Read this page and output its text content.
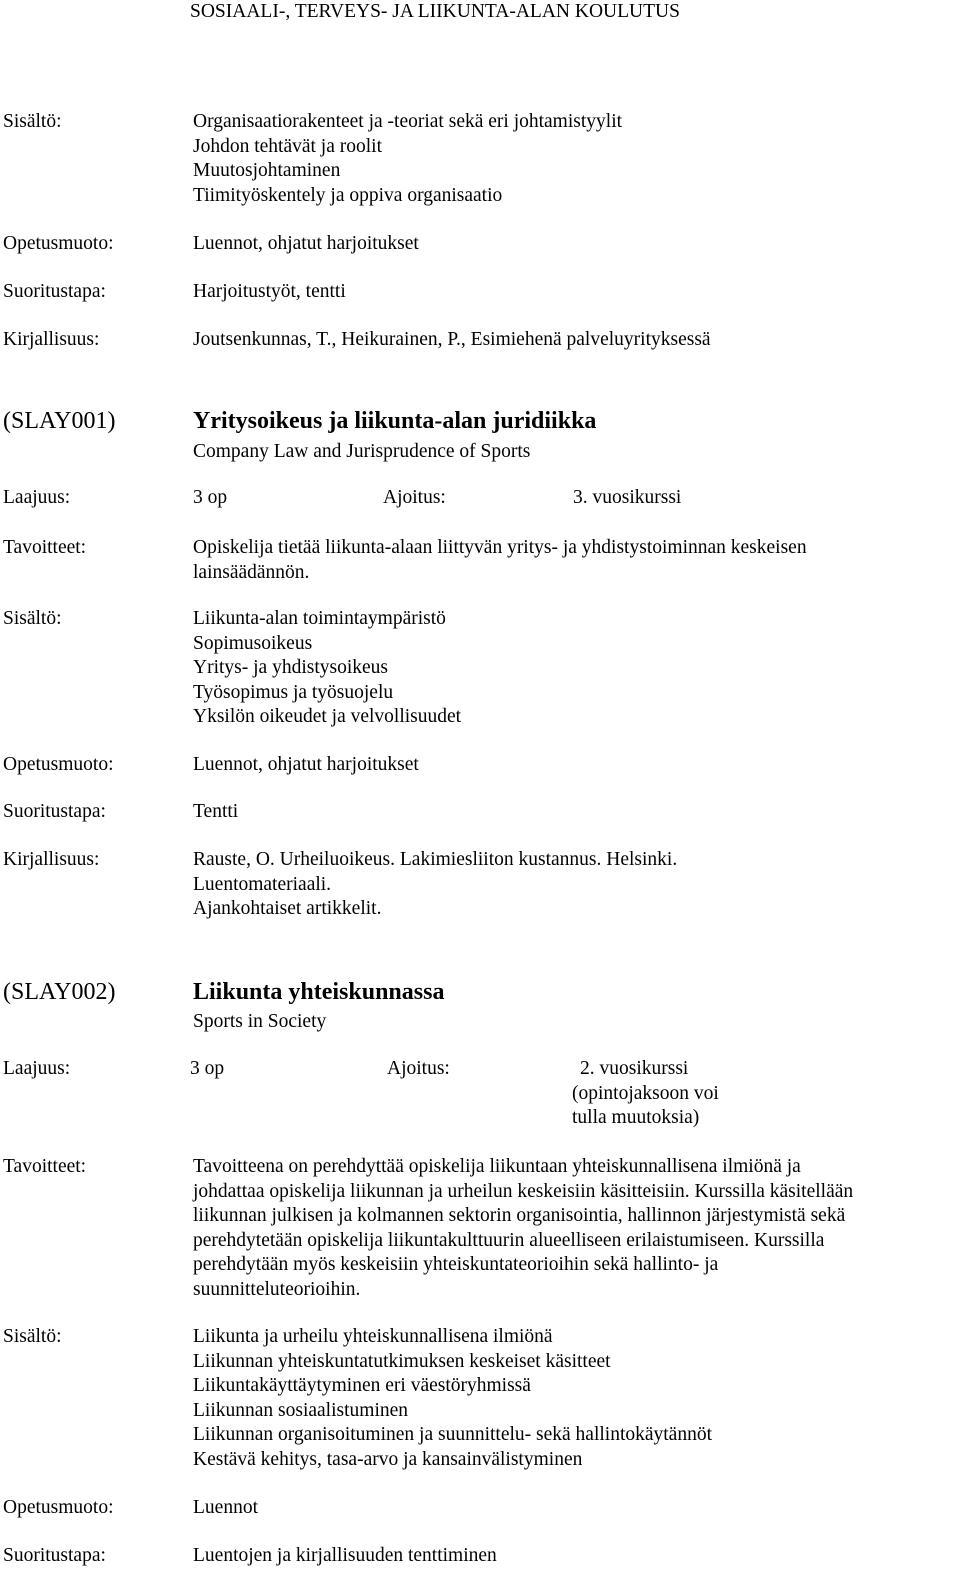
SOSIAALI-, TERVEYS- JA LIIKUNTA-ALAN KOULUTUS
Sisältö:	Organisaatiorakenteet ja -teoriat sekä eri johtamistyylit
Johdon tehtävät ja roolit
Muutosjohtaminen
Tiimityöskentely ja oppiva organisaatio
Opetusmuoto:	Luennot, ohjatut harjoitukset
Suoritustapa:	Harjoitustyöt, tentti
Kirjallisuus:	Joutsenkunnas, T., Heikurainen, P., Esimiehenä palveluyrityksessä
(SLAY001)	Yritysoikeus ja liikunta-alan juridiikka
Company Law and Jurisprudence of Sports
Laajuus:	3 op	Ajoitus:	3. vuosikurssi
Tavoitteet:	Opiskelija tietää liikunta-alaan liittyvän yritys- ja yhdistystoiminnan keskeisen
lainsäädännön.
Sisältö:	Liikunta-alan toimintaympäristö
Sopimusoikeus
Yritys- ja yhdistysoikeus
Työsopimus ja työsuojelu
Yksilön oikeudet ja velvollisuudet
Opetusmuoto:	Luennot, ohjatut harjoitukset
Suoritustapa:	Tentti
Kirjallisuus:	Rauste, O. Urheiluoikeus. Lakimiesliiton kustannus. Helsinki.
Luentomateriaali.
Ajankohtaiset artikkelit.
(SLAY002)	Liikunta yhteiskunnassa
Sports in Society
Laajuus:	3 op	Ajoitus:	2. vuosikurssi
(opintojaksoon voi
tulla muutoksia)
Tavoitteet:	Tavoitteena on perehdyttää opiskelija liikuntaan yhteiskunnallisena ilmiönä ja
johdattaa opiskelija liikunnan ja urheilun keskeisiin käsitteisiin. Kurssilla käsitellään
liikunnan julkisen ja kolmannen sektorin organisointia, hallinnon järjestymistä sekä
perehdytetään opiskelija liikuntakulttuurin alueelliseen erilaistumiseen. Kurssilla
perehdytään myös keskeisiin yhteiskuntateorioihin sekä hallinto- ja
suunnitteluteorioihin.
Sisältö:	Liikunta ja urheilu yhteiskunnallisena ilmiönä
Liikunnan yhteiskuntatutkimuksen keskeiset käsitteet
Liikuntakäyttäytyminen eri väestöryhmissä
Liikunnan sosiaalistuminen
Liikunnan organisoituminen ja suunnittelu- sekä hallintokäytännöt
Kestävä kehitys, tasa-arvo ja kansainvälistyminen
Opetusmuoto:	Luennot
Suoritustapa:	Luentojen ja kirjallisuuden tenttiminen
